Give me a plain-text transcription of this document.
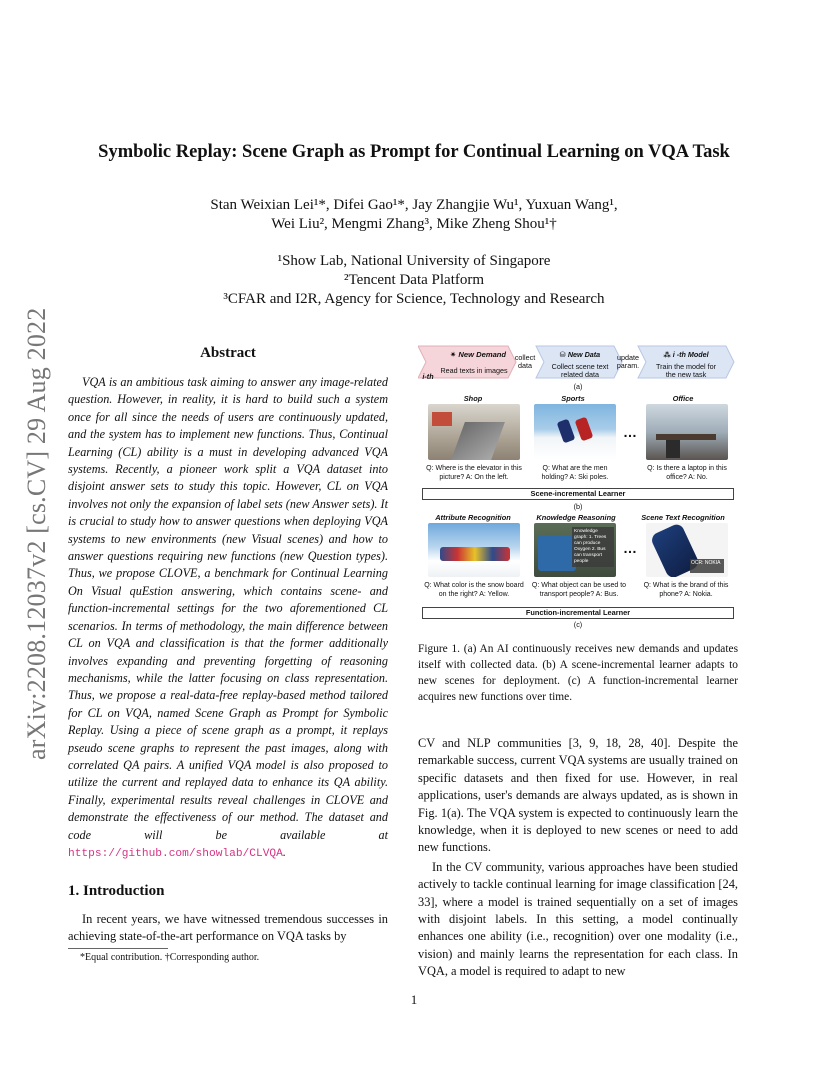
Symbolic Replay: Scene Graph as Prompt for Continual Learning on VQA Task
Stan Weixian Lei¹*, Difei Gao¹*, Jay Zhangjie Wu¹, Yuxuan Wang¹,
Wei Liu², Mengmi Zhang³, Mike Zheng Shou¹†
¹Show Lab, National University of Singapore
²Tencent Data Platform
³CFAR and I2R, Agency for Science, Technology and Research
arXiv:2208.12037v2 [cs.CV] 29 Aug 2022	Abstract
VQA is an ambitious task aiming to answer any image-related question. However, in reality, it is hard to build such a system once for all since the needs of users are continuously updated, and the system has to implement new functions. Thus, Continual Learning (CL) ability is a must in developing advanced VQA systems. Recently, a pioneer work split a VQA dataset into disjoint answer sets to study this topic. However, CL on VQA involves not only the expansion of label sets (new Answer sets). It is crucial to study how to answer questions when deploying VQA systems to new environments (new Visual scenes) and how to answer questions requiring new functions (new Question types). Thus, we propose CLOVE, a benchmark for Continual Learning On Visual quEstion answering, which contains scene- and function-incremental settings for the two aforementioned CL scenarios. In terms of methodology, the main difference between CL on VQA and classification is that the former additionally involves expanding and preventing forgetting of reasoning mechanisms, while the latter focusing on class representation. Thus, we propose a real-data-free replay-based method tailored for CL on VQA, named Scene Graph as Prompt for Symbolic Replay. Using a piece of scene graph as a prompt, it replays pseudo scene graphs to represent the past images, along with correlated QA pairs. A unified VQA model is also proposed to utilize the current and replayed data to enhance its QA ability. Finally, experimental results reveal challenges in CLOVE and demonstrate the effectiveness of our method. The dataset and code will be available at https://github.com/showlab/CLVQA.
1. Introduction
In recent years, we have witnessed tremendous successes in achieving state-of-the-art performance on VQA tasks by
*Equal contribution. †Corresponding author.
1
✷ New Demand
Read texts in images
i-th
collect
data
⛁ New Data
Collect scene text
related data
update
param.
⁂ i -th Model
Train the model for
the new task
(a)
Shop	Sports	Office
…
Q: Where is the elevator in this picture? A: On the left.
Q: What are the men holding? A: Ski poles.
Q: Is there a laptop in this office? A: No.
Scene-incremental Learner
(b)
Attribute Recognition	Knowledge Reasoning	Scene Text Recognition
Knowledge graph: 1. Trees can produce Oxygen 2. Bus can transport people	OCR: NOKIA
…
Q: What color is the snow board on the right? A: Yellow.
Q: What object can be used to transport people? A: Bus.
Q: What is the brand of this phone? A: Nokia.
Function-incremental Learner
(c)
Figure 1. (a) An AI continuously receives new demands and updates itself with collected data. (b) A scene-incremental learner adapts to new scenes for deployment. (c) A function-incremental learner acquires new functions over time.

CV and NLP communities [3, 9, 18, 28, 40]. Despite the remarkable success, current VQA systems are usually trained on specific datasets and then fixed for use. However, in real applications, user's demands are always updated, as is shown in Fig. 1(a). The VQA system is expected to continuously learn the knowledge, when it is deployed to new scenes or need to add new functions.

In the CV community, various approaches have been studied actively to tackle continual learning for image classification [24, 33], where a model is trained sequentially on a set of images with disjoint labels. In this setting, a model continually enhances one ability (i.e., recognition) over one modality (i.e., vision) and mainly learns the representation for each class. In VQA, a model is required to adapt to new
